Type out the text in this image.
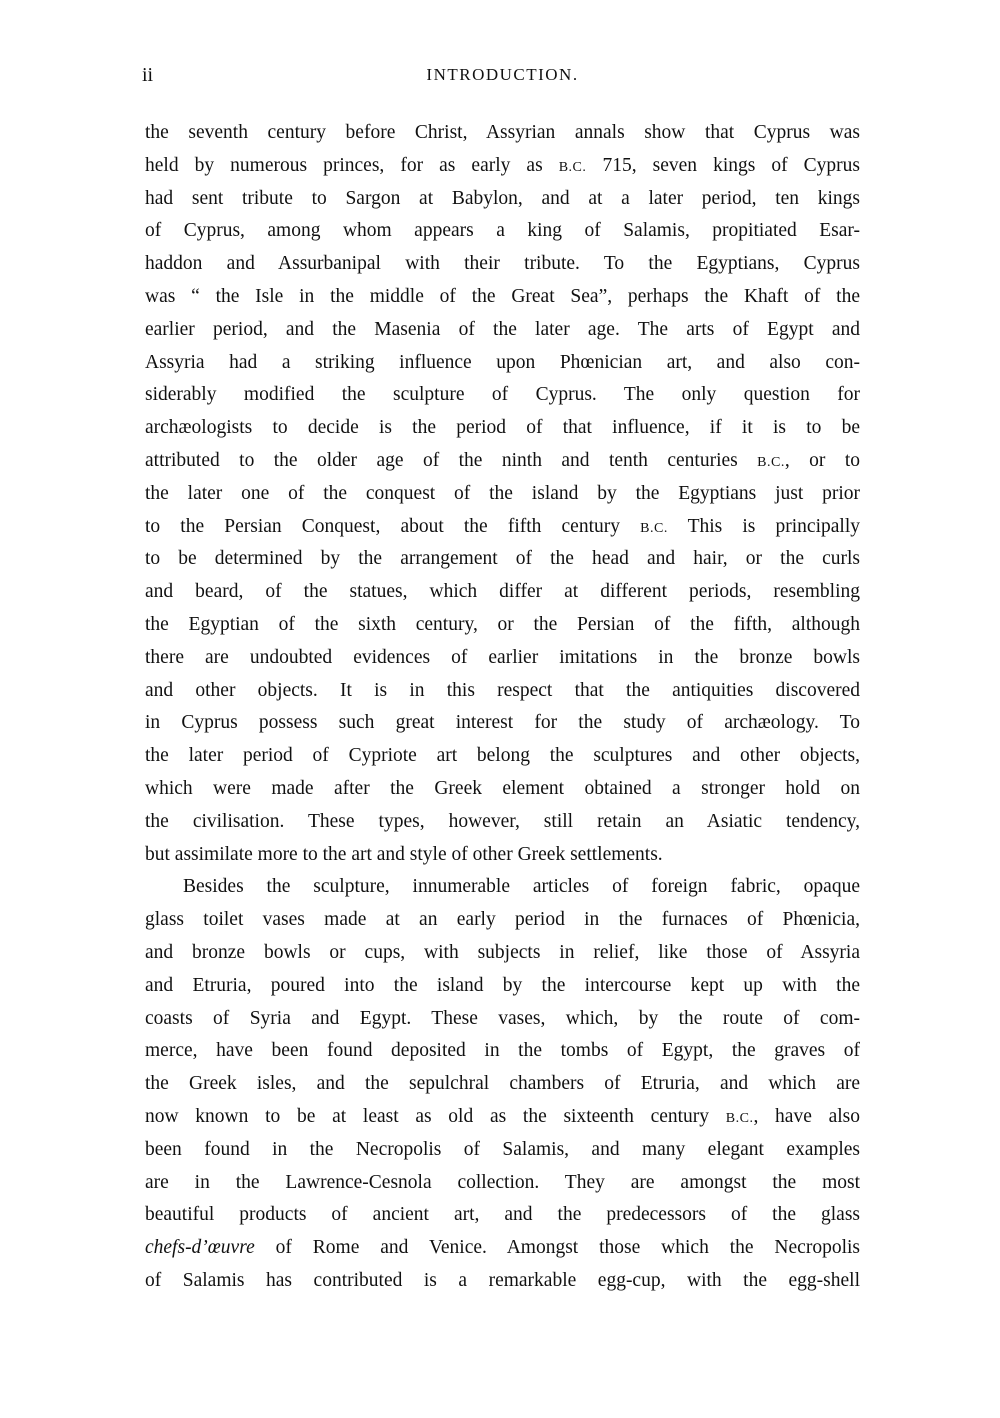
ii	INTRODUCTION.
the seventh century before Christ, Assyrian annals show that Cyprus was
held by numerous princes, for as early as B.C. 715, seven kings of Cyprus
had sent tribute to Sargon at Babylon, and at a later period, ten kings
of Cyprus, among whom appears a king of Salamis, propitiated Esar-
haddon and Assurbanipal with their tribute. To the Egyptians, Cyprus
was “ the Isle in the middle of the Great Sea”, perhaps the Khaft of the
earlier period, and the Masenia of the later age. The arts of Egypt and
Assyria had a striking influence upon Phœnician art, and also con-
siderably modified the sculpture of Cyprus. The only question for
archæologists to decide is the period of that influence, if it is to be
attributed to the older age of the ninth and tenth centuries B.C., or to
the later one of the conquest of the island by the Egyptians just prior
to the Persian Conquest, about the fifth century B.C. This is principally
to be determined by the arrangement of the head and hair, or the curls
and beard, of the statues, which differ at different periods, resembling
the Egyptian of the sixth century, or the Persian of the fifth, although
there are undoubted evidences of earlier imitations in the bronze bowls
and other objects. It is in this respect that the antiquities discovered
in Cyprus possess such great interest for the study of archæology. To
the later period of Cypriote art belong the sculptures and other objects,
which were made after the Greek element obtained a stronger hold on
the civilisation. These types, however, still retain an Asiatic tendency,
but assimilate more to the art and style of other Greek settlements.
Besides the sculpture, innumerable articles of foreign fabric, opaque
glass toilet vases made at an early period in the furnaces of Phœnicia,
and bronze bowls or cups, with subjects in relief, like those of Assyria
and Etruria, poured into the island by the intercourse kept up with the
coasts of Syria and Egypt. These vases, which, by the route of com-
merce, have been found deposited in the tombs of Egypt, the graves of
the Greek isles, and the sepulchral chambers of Etruria, and which are
now known to be at least as old as the sixteenth century B.C., have also
been found in the Necropolis of Salamis, and many elegant examples
are in the Lawrence-Cesnola collection. They are amongst the most
beautiful products of ancient art, and the predecessors of the glass
chefs-d’œuvre of Rome and Venice. Amongst those which the Necropolis
of Salamis has contributed is a remarkable egg-cup, with the egg-shell
